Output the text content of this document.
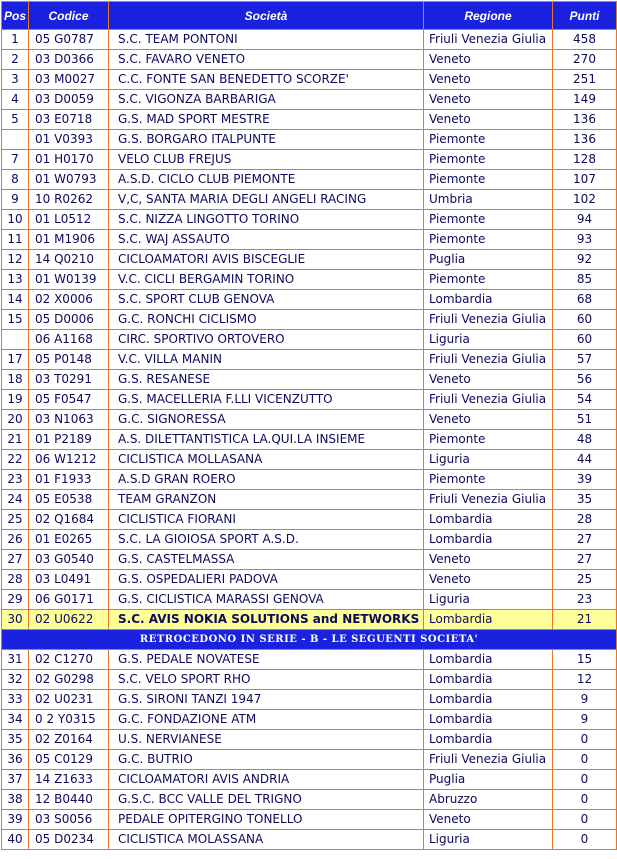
Pos	Codice	Società	Regione	Punti
1	05 G0787	S.C. TEAM PONTONI	Friuli Venezia Giulia	458
2	03 D0366	S.C. FAVARO VENETO	Veneto	270
3	03 M0027	C.C. FONTE SAN BENEDETTO SCORZE'	Veneto	251
4	03 D0059	S.C. VIGONZA BARBARIGA	Veneto	149
5	03 E0718	G.S. MAD SPORT MESTRE	Veneto	136
	01 V0393	G.S. BORGARO ITALPUNTE	Piemonte	136
7	01 H0170	VELO CLUB FREJUS	Piemonte	128
8	01 W0793	A.S.D. CICLO CLUB PIEMONTE	Piemonte	107
9	10 R0262	V,C, SANTA MARIA DEGLI ANGELI RACING	Umbria	102
10	01 L0512	S.C. NIZZA LINGOTTO TORINO	Piemonte	94
11	01 M1906	S.C. WAJ ASSAUTO	Piemonte	93
12	14 Q0210	CICLOAMATORI AVIS BISCEGLIE	Puglia	92
13	01 W0139	V.C. CICLI BERGAMIN TORINO	Piemonte	85
14	02 X0006	S.C. SPORT CLUB GENOVA	Lombardia	68
15	05 D0006	G.C. RONCHI CICLISMO	Friuli Venezia Giulia	60
	06 A1168	CIRC. SPORTIVO ORTOVERO	Liguria	60
17	05 P0148	V.C. VILLA MANIN	Friuli Venezia Giulia	57
18	03 T0291	G.S. RESANESE	Veneto	56
19	05 F0547	G.S. MACELLERIA F.LLI VICENZUTTO	Friuli Venezia Giulia	54
20	03 N1063	G.C. SIGNORESSA	Veneto	51
21	01 P2189	A.S. DILETTANTISTICA LA.QUI.LA INSIEME	Piemonte	48
22	06 W1212	CICLISTICA MOLLASANA	Liguria	44
23	01 F1933	A.S.D GRAN ROERO	Piemonte	39
24	05 E0538	TEAM GRANZON	Friuli Venezia Giulia	35
25	02 Q1684	CICLISTICA FIORANI	Lombardia	28
26	01 E0265	S.C. LA GIOIOSA SPORT A.S.D.	Lombardia	27
27	03 G0540	G.S. CASTELMASSA	Veneto	27
28	03 L0491	G.S. OSPEDALIERI PADOVA	Veneto	25
29	06 G0171	G.S. CICLISTICA MARASSI GENOVA	Liguria	23
30	02 U0622	S.C. AVIS NOKIA SOLUTIONS and NETWORKS	Lombardia	21
RETROCEDONO IN SERIE - B - LE SEGUENTI SOCIETA'				
31	02 C1270	G.S. PEDALE NOVATESE	Lombardia	15
32	02 G0298	S.C. VELO SPORT RHO	Lombardia	12
33	02 U0231	G.S. SIRONI TANZI 1947	Lombardia	9
34	0 2 Y0315	G.C. FONDAZIONE ATM	Lombardia	9
35	02 Z0164	U.S. NERVIANESE	Lombardia	0
36	05 C0129	G.C. BUTRIO	Friuli Venezia Giulia	0
37	14 Z1633	CICLOAMATORI AVIS ANDRIA	Puglia	0
38	12 B0440	G.S.C. BCC VALLE DEL TRIGNO	Abruzzo	0
39	03 S0056	PEDALE OPITERGINO TONELLO	Veneto	0
40	05 D0234	CICLISTICA MOLASSANA	Liguria	0
